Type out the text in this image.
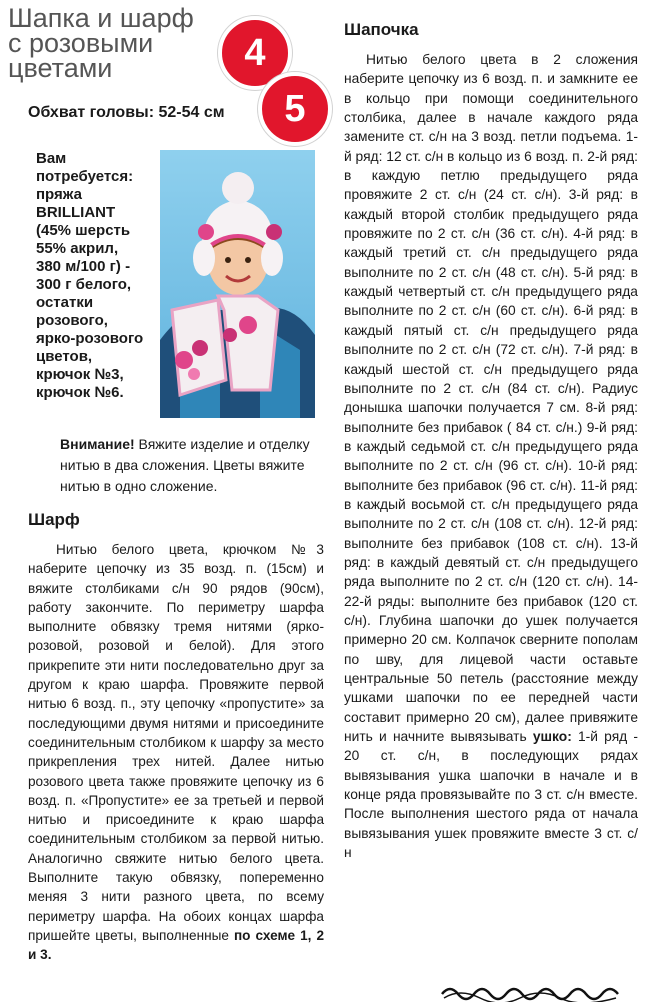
Шапка и шарф
с розовыми
цветами	4
5

Обхват головы: 52-54 см

Вам
потребуется:
пряжа
BRILLIANT
(45% шерсть
55% акрил,
380 м/100 г) -
300 г белого,
остатки
розового,
ярко-розового
цветов,
крючок №3,
крючок №6.

Внимание! Вяжите изделие и отделку нитью в два сложения. Цветы вяжите нитью в одно сложение.

Шарф

Нитью белого цвета, крючком №3 наберите цепочку из 35 возд. п. (15см) и вяжите столбиками с/н 90 рядов (90см), работу закончите. По периметру шарфа выполните обвязку тремя нитями (ярко-розовой, розовой и белой). Для этого прикрепите эти нити последовательно друг за другом к краю шарфа. Провяжите первой нитью 6 возд. п., эту цепочку «пропустите» за последующими двумя нитями и присоедините соединительным столбиком к шарфу за место прикрепления трех нитей. Далее нитью розового цвета также провяжите цепочку из 6 возд. п. «Пропустите» ее за третьей и первой нитью и присоедините к краю шарфа соединительным столбиком за первой нитью. Аналогично свяжите нитью белого цвета. Выполните такую обвязку, попеременно меняя 3 нити разного цвета, по всему периметру шарфа. На обоих концах шарфа пришейте цветы, выполненные по схеме 1, 2 и 3.

Шапочка

Нитью белого цвета в 2 сложения наберите цепочку из 6 возд. п. и замкните ее в кольцо при помощи соединительного столбика, далее в начале каждого ряда замените ст. с/н на 3 возд. петли подъема. 1-й ряд: 12 ст. с/н в кольцо из 6 возд. п. 2-й ряд: в каждую петлю предыдущего ряда провяжите 2 ст. с/н (24 ст. с/н). 3-й ряд: в каждый второй столбик предыдущего ряда провяжите по 2 ст. с/н (36 ст. с/н). 4-й ряд: в каждый третий ст. с/н предыдущего ряда выполните по 2 ст. с/н (48 ст. с/н). 5-й ряд: в каждый четвертый ст. с/н предыдущего ряда выполните по 2 ст. с/н (60 ст. с/н). 6-й ряд: в каждый пятый ст. с/н предыдущего ряда выполните по 2 ст. с/н (72 ст. с/н). 7-й ряд: в каждый шестой ст. с/н предыдущего ряда выполните по 2 ст. с/н (84 ст. с/н). Радиус донышка шапочки получается 7 см. 8-й ряд: выполните без прибавок ( 84 ст. с/н.) 9-й ряд: в каждый седьмой ст. с/н предыдущего ряда выполните по 2 ст. с/н (96 ст. с/н). 10-й ряд: выполните без прибавок (96 ст. с/н). 11-й ряд: в каждый восьмой ст. с/н предыдущего ряда выполните по 2 ст. с/н (108 ст. с/н). 12-й ряд: выполните без прибавок (108 ст. с/н). 13-й ряд: в каждый девятый ст. с/н предыдущего ряда выполните по 2 ст. с/н (120 ст. с/н). 14-22-й ряды: выполните без прибавок (120 ст. с/н). Глубина шапочки до ушек получается примерно 20 см. Колпачок сверните пополам по шву, для лицевой части оставьте центральные 50 петель (расстояние между ушками шапочки по ее передней части составит примерно 20 см), далее привяжите нить и начните вывязывать ушко: 1-й ряд - 20 ст. с/н, в последующих рядах вывязывания ушка шапочки в начале и в конце ряда провязывайте по 3 ст. с/н вместе. После выполнения шестого ряда от начала вывязывания ушек провяжите вместе 3 ст. с/н
